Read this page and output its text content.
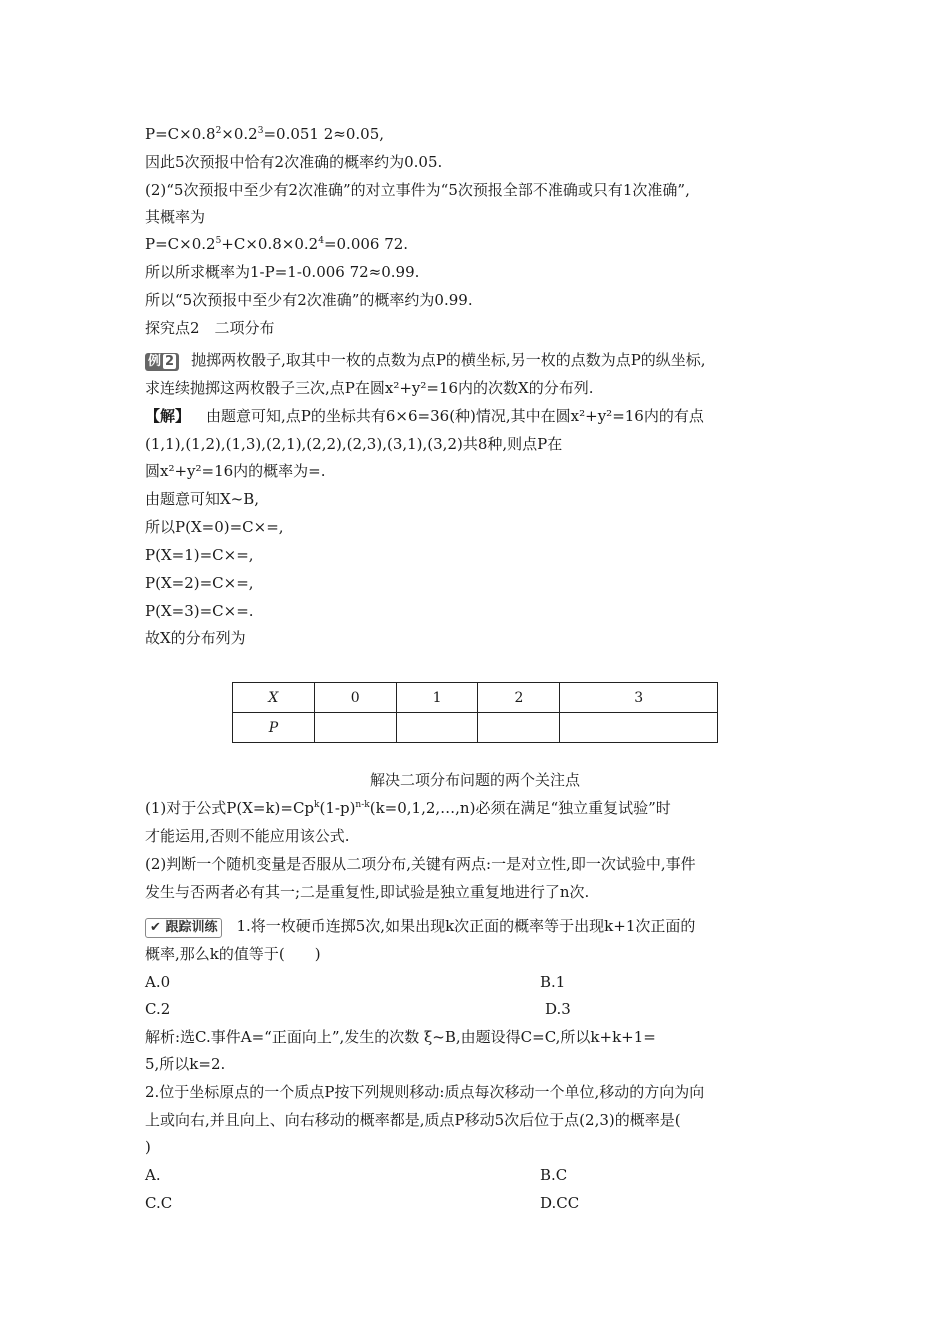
$P=C\times 0.8^2\times 0.2^3=0.051$ 2≈0.05,
因此5次预报中恰有2次准确的概率约为0.05.
(2)“5次预报中至少有2次准确”的对立事件为“5次预报全部不准确或只有1次准确”,
其概率为
$P=C\times 0.2^5+C\times 0.8\times 0.2^4=0.006$ 72.
所以所求概率为1-P=1-0.006 72≈0.99.
所以“5次预报中至少有2次准确”的概率约为0.99.
探究点2　二项分布
例 2 抛掷两枚骰子,取其中一枚的点数为点P的横坐标,另一枚的点数为点P的纵坐标,
求连续抛掷这两枚骰子三次,点P在圆x²+y²=16内的次数X的分布列.
【解】 由题意可知,点P的坐标共有6×6=36(种)情况,其中在圆x²+y²=16内的有点
(1,1),(1,2),(1,3),(2,1),(2,2),(2,3),(3,1),(3,2)共8种,则点P在
圆x²+y²=16内的概率为=.
由题意可知X~B,
所以P(X=0)=C×=,
P(X=1)=C×=,
P(X=2)=C×=,
P(X=3)=C×=.
故X的分布列为
X	0	1	2	3
P				
解决二项分布问题的两个关注点
(1)对于公式$P(X=k)=Cp^k(1-p)^{n-k}(k=0,1,2,\dots,n)$必须在满足“独立重复试验”时
才能运用,否则不能应用该公式.
(2)判断一个随机变量是否服从二项分布,关键有两点:一是对立性,即一次试验中,事件
发生与否两者必有其一;二是重复性,即试验是独立重复地进行了n次.
✔ 跟踪训练 1.将一枚硬币连掷5次,如果出现k次正面的概率等于出现k+1次正面的
概率,那么k的值等于(　　)
A.0	B.1
C.2	D.3
解析:选C.事件A=“正面向上”,发生的次数 ξ~B,由题设得C=C,所以k+k+1=
5,所以k=2.
2.位于坐标原点的一个质点P按下列规则移动:质点每次移动一个单位,移动的方向为向
上或向右,并且向上、向右移动的概率都是,质点P移动5次后位于点(2,3)的概率是(
)
A.	B.C
C.C	D.CC
